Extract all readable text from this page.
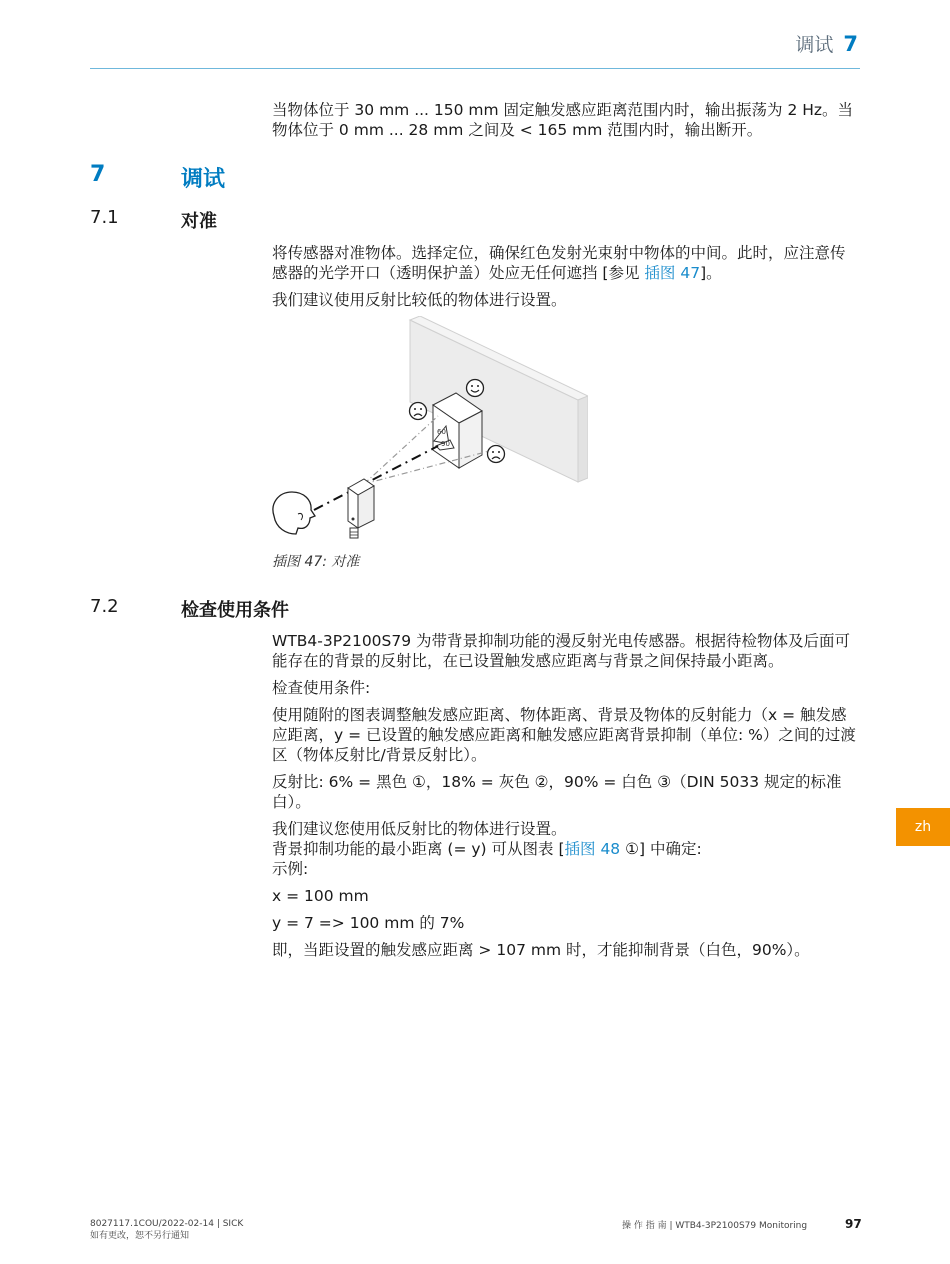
调试 7

当物体位于 30 mm ... 150 mm 固定触发感应距离范围内时，输出振荡为 2 Hz。当物体位于 0 mm ... 28 mm 之间及 < 165 mm 范围内时，输出断开。

7	调试
7.1	对准

将传感器对准物体。选择定位，确保红色发射光束射中物体的中间。此时，应注意传感器的光学开口（透明保护盖）处应无任何遮挡 [参见 插图 47]。

我们建议使用反射比较低的物体进行设置。

60
90
插图 47: 对准
7.2	检查使用条件

WTB4-3P2100S79 为带背景抑制功能的漫反射光电传感器。根据待检物体及后面可能存在的背景的反射比，在已设置触发感应距离与背景之间保持最小距离。

检查使用条件:

使用随附的图表调整触发感应距离、物体距离、背景及物体的反射能力（x = 触发感应距离，y = 已设置的触发感应距离和触发感应距离背景抑制（单位: %）之间的过渡区（物体反射比/背景反射比）。

反射比: 6% = 黑色 ①，18% = 灰色 ②，90% = 白色 ③（DIN 5033 规定的标准白）。

我们建议您使用低反射比的物体进行设置。
背景抑制功能的最小距离 (= y) 可从图表 [插图 48 ①] 中确定:
示例:

x = 100 mm

y = 7 => 100 mm 的 7%

即，当距设置的触发感应距离 > 107 mm 时，才能抑制背景（白色，90%）。

zh
8027117.1COU/2022-02-14 | SICK
如有更改，恕不另行通知
操 作 指 南 | WTB4-3P2100S79 Monitoring	97
